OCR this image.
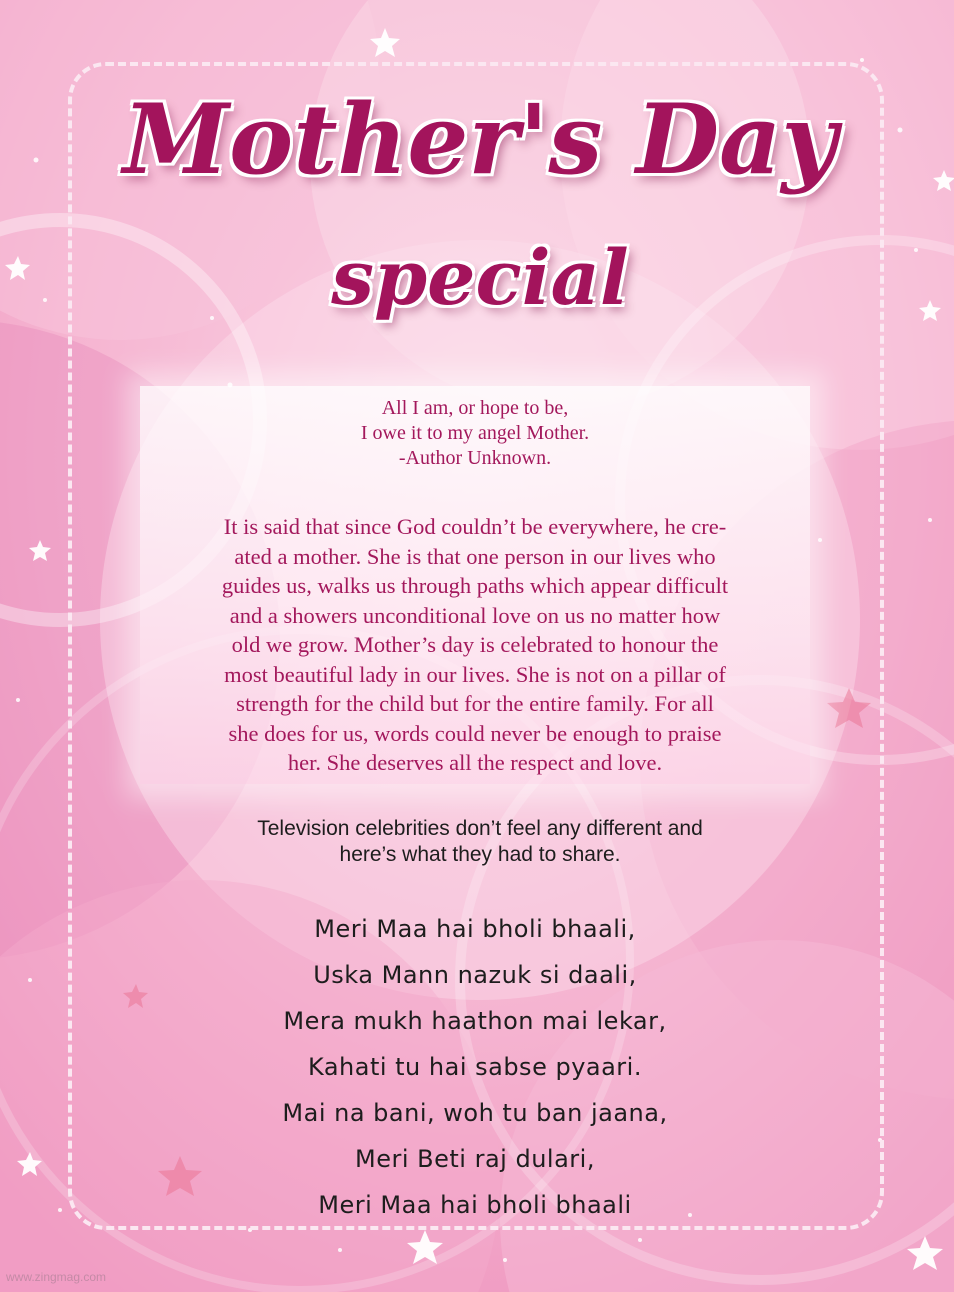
Mother's Day
special
All I am, or hope to be,
I owe it to my angel Mother.
-Author Unknown.
It is said that since God couldn’t be everywhere, he cre-
ated a mother. She is that one person in our lives who
guides us, walks us through paths which appear difficult
and a showers unconditional love on us no matter how
old we grow. Mother’s day is celebrated to honour the
most beautiful lady in our lives. She is not on a pillar of
strength for the child but for the entire family. For all
she does for us, words could never be enough to praise
her. She deserves all the respect and love.
Television celebrities don’t feel any different and
here’s what they had to share.
Meri Maa hai bholi bhaali,
Uska Mann nazuk si daali,
Mera mukh haathon mai lekar,
Kahati tu hai sabse pyaari.
Mai na bani, woh tu ban jaana,
Meri Beti raj dulari,
Meri Maa hai bholi bhaali
www.zingmag.com
